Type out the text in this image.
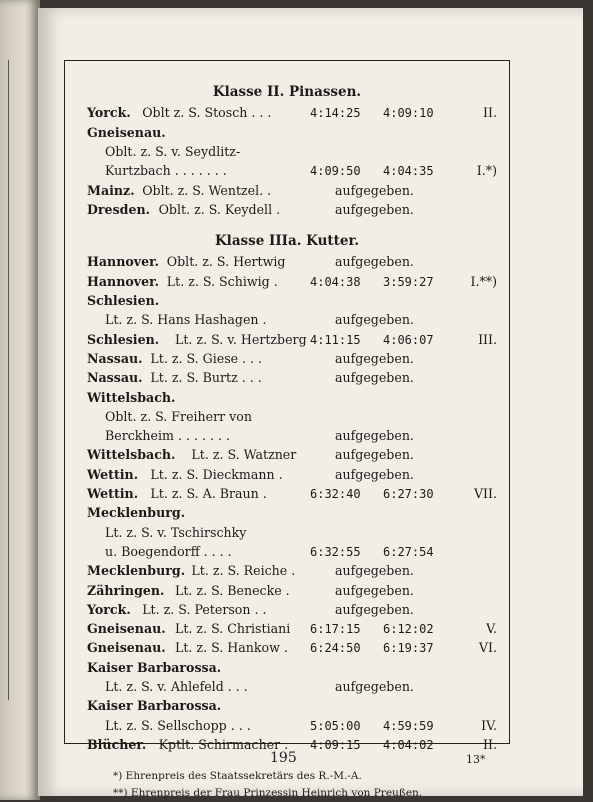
Klasse II. Pinassen.
Yorck. Oblt z. S. Stosch . . .	4:14:25 4:09:10	II.
Gneisenau.
Oblt. z. S. v. Seydlitz-
Kurtzbach . . . . . . .	4:09:50 4:04:35	I.*)
Mainz. Oblt. z. S. Wentzel. .	aufgegeben.
Dresden. Oblt. z. S. Keydell .	aufgegeben.
Klasse IIIa. Kutter.
Hannover. Oblt. z. S. Hertwig	aufgegeben.
Hannover. Lt. z. S. Schiwig .	4:04:38 3:59:27	I.**)
Schlesien.
Lt. z. S. Hans Hashagen .	aufgegeben.
Schlesien. Lt. z. S. v. Hertzberg 4:11:15 4:06:07	III.
Nassau. Lt. z. S. Giese . . .	aufgegeben.
Nassau. Lt. z. S. Burtz . . .	aufgegeben.
Wittelsbach.
Oblt. z. S. Freiherr von
Berckheim . . . . . . .	aufgegeben.
Wittelsbach. Lt. z. S. Watzner	aufgegeben.
Wettin. Lt. z. S. Dieckmann .	aufgegeben.
Wettin. Lt. z. S. A. Braun .	6:32:40 6:27:30	VII.
Mecklenburg.
Lt. z. S. v. Tschirschky
u. Boegendorff . . . .	6:32:55 6:27:54
Mecklenburg. Lt. z. S. Reiche .	aufgegeben.
Zähringen. Lt. z. S. Benecke .	aufgegeben.
Yorck. Lt. z. S. Peterson . .	aufgegeben.
Gneisenau. Lt. z. S. Christiani 6:17:15 6:12:02	V.
Gneisenau. Lt. z. S. Hankow . 6:24:50 6:19:37	VI.
Kaiser Barbarossa.
Lt. z. S. v. Ahlefeld . . .	aufgegeben.
Kaiser Barbarossa.
Lt. z. S. Sellschopp . . .	5:05:00 4:59:59	IV.
Blücher. Kptlt. Schirmacher . 4:09:15 4:04:02	II.
*) Ehrenpreis des Staatssekretärs des R.-M.-A.
**) Ehrenpreis der Frau Prinzessin Heinrich von Preußen.
195	13*
